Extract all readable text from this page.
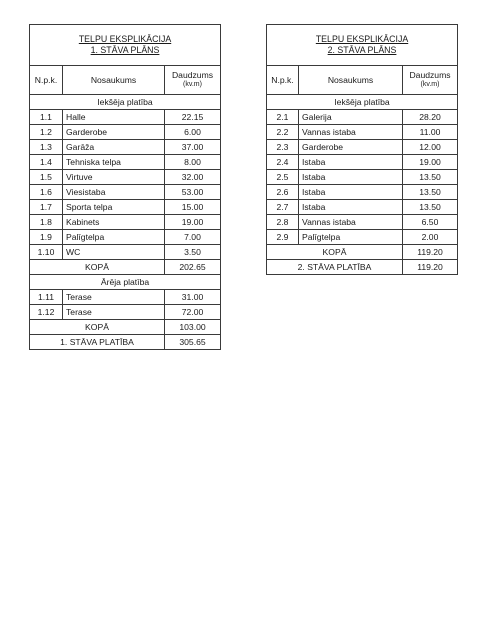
TELPU EKSPLIKĀCIJA
1. STĀVA PLĀNS		
N.p.k.	Nosaukums	Daudzums
(kv.m)

Iekšēja platība		
1.1	Halle	22.15
1.2	Garderobe	6.00
1.3	Garāža	37.00
1.4	Tehniska telpa	8.00
1.5	Virtuve	32.00
1.6	Viesistaba	53.00
1.7	Sporta telpa	15.00
1.8	Kabinets	19.00
1.9	Palīgtelpa	7.00
1.10	WC	3.50
KOPĀ		202.65
Ārēja platība		
1.11	Terase	31.00
1.12	Terase	72.00
KOPĀ		103.00
1. STĀVA PLATĪBA		305.65
TELPU EKSPLIKĀCIJA
2. STĀVA PLĀNS		
N.p.k.	Nosaukums	Daudzums
(kv.m)

Iekšēja platība		
2.1	Galerija	28.20
2.2	Vannas istaba	11.00
2.3	Garderobe	12.00
2.4	Istaba	19.00
2.5	Istaba	13.50
2.6	Istaba	13.50
2.7	Istaba	13.50
2.8	Vannas istaba	6.50
2.9	Palīgtelpa	2.00
KOPĀ		119.20
2. STĀVA PLATĪBA		119.20
